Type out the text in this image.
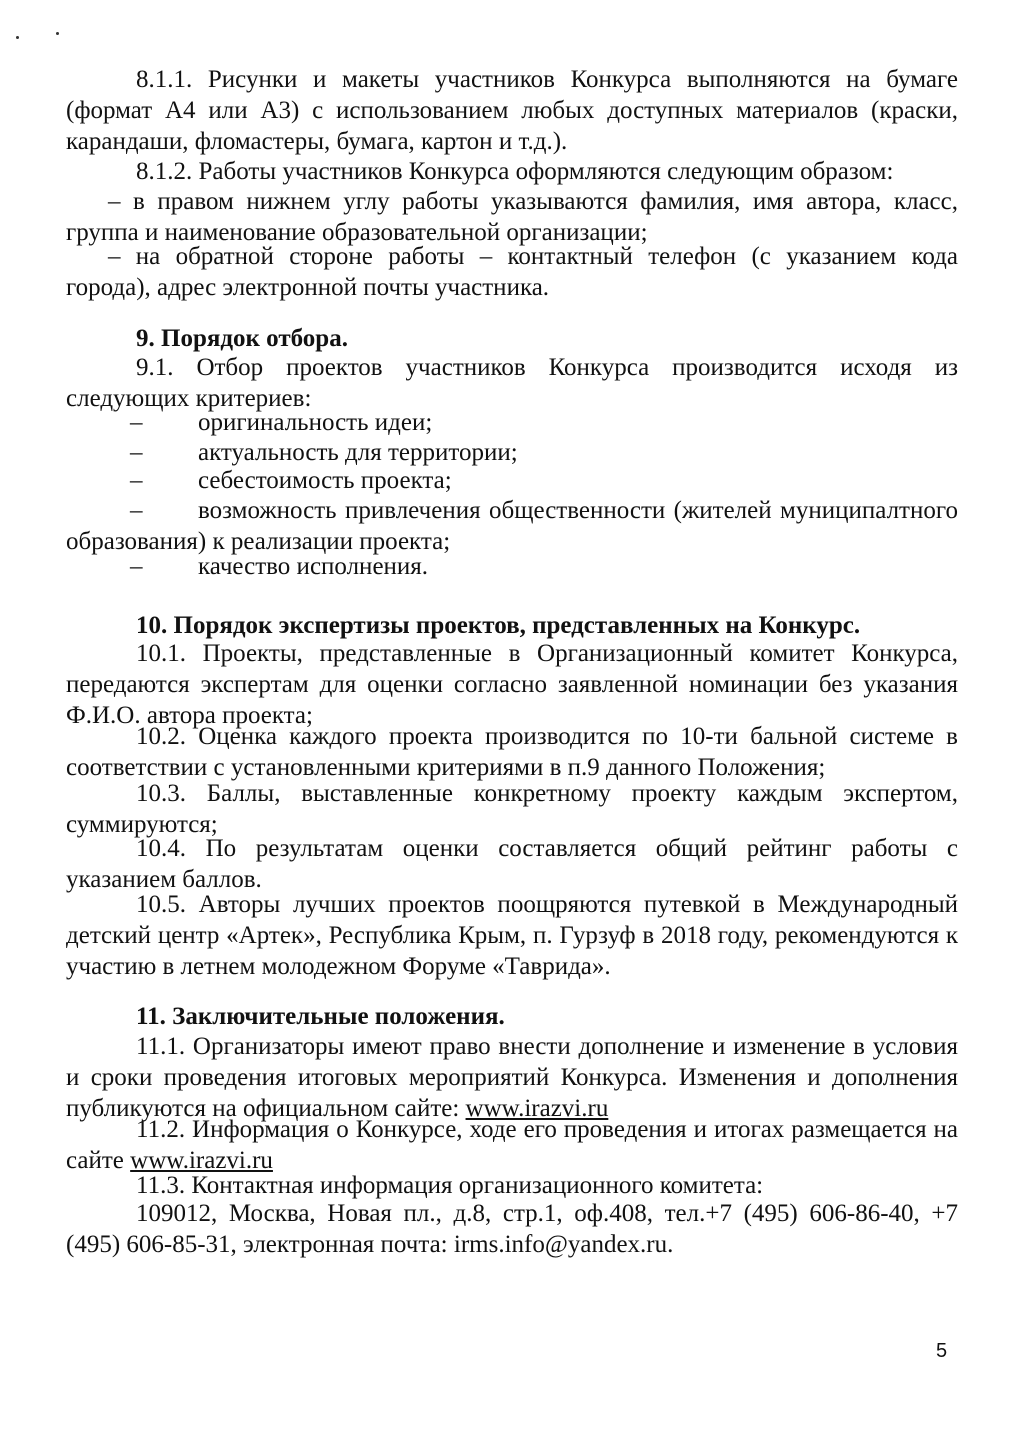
8.1.1. Рисунки и макеты участников Конкурса выполняются на бумаге (формат А4 или А3) с использованием любых доступных материалов (краски, карандаши, фломастеры, бумага, картон и т.д.).
8.1.2. Работы участников Конкурса оформляются следующим образом:
– в правом нижнем углу работы указываются фамилия, имя автора, класс, группа и наименование образовательной организации;
– на обратной стороне работы – контактный телефон (с указанием кода города), адрес электронной почты участника.
9. Порядок отбора.
9.1. Отбор проектов участников Конкурса производится исходя из следующих критериев:
–	оригинальность идеи;
–	актуальность для территории;
–	себестоимость проекта;
–	возможность привлечения общественности (жителей муниципалтного образования) к реализации проекта;
–	качество исполнения.
10. Порядок экспертизы проектов, представленных на Конкурс.
10.1. Проекты, представленные в Организационный комитет Конкурса, передаются экспертам для оценки согласно заявленной номинации без указания Ф.И.О. автора проекта;
10.2. Оценка каждого проекта производится по 10-ти бальной системе в соответствии с установленными критериями в п.9 данного Положения;
10.3. Баллы, выставленные конкретному проекту каждым экспертом, суммируются;
10.4. По результатам оценки составляется общий рейтинг работы с указанием баллов.
10.5. Авторы лучших проектов поощряются путевкой в Международный детский центр «Артек», Республика Крым, п. Гурзуф в 2018 году, рекомендуются к участию в летнем молодежном Форуме «Таврида».
11. Заключительные положения.
11.1. Организаторы имеют право внести дополнение и изменение в условия и сроки проведения итоговых мероприятий Конкурса. Изменения и дополнения публикуются на официальном сайте: www.irazvi.ru
11.2. Информация о Конкурсе, ходе его проведения и итогах размещается на сайте www.irazvi.ru
11.3. Контактная информация организационного комитета:
109012, Москва, Новая пл., д.8, стр.1, оф.408, тел.+7 (495) 606-86-40, +7 (495) 606-85-31, электронная почта: irms.info@yandex.ru.
5
